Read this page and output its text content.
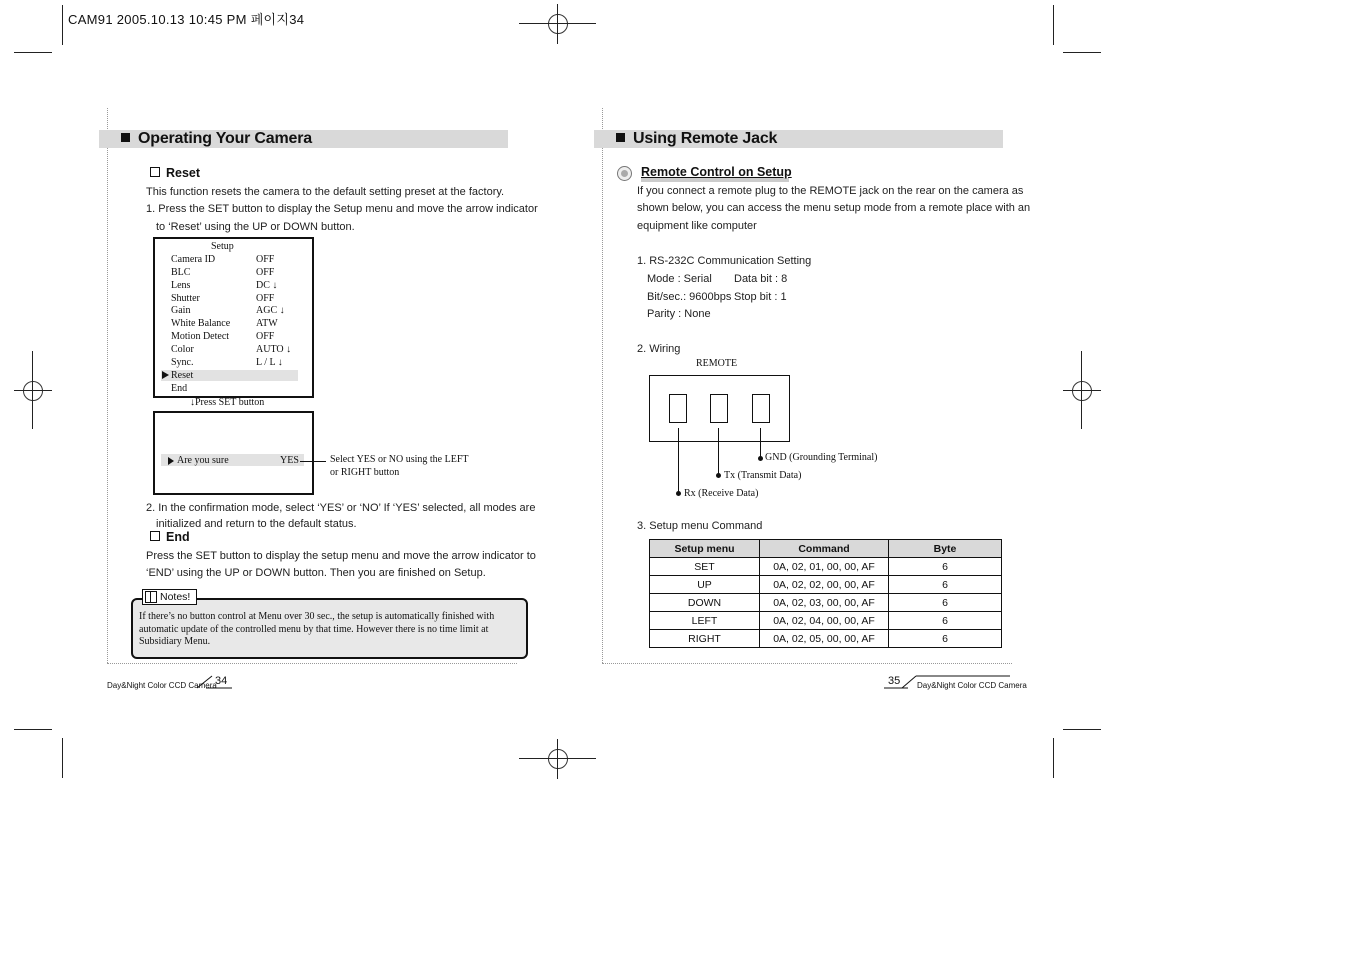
CAM91 2005.10.13 10:45 PM 페이지34
Operating Your Camera
Reset
This function resets the camera to the default setting preset at the factory.
1. Press the SET button to display the Setup menu and move the arrow indicator
to ‘Reset’ using the UP or DOWN button.
Setup
Camera ID	OFF
BLC	OFF
Lens	DC ↓
Shutter	OFF
Gain	AGC ↓
White Balance	ATW
Motion Detect	OFF
Color	AUTO ↓
Sync.	L / L ↓
Reset
End
↓Press SET button
Are you sure	YES	Select YES or NO using the LEFT
or RIGHT button
2. In the confirmation mode, select ‘YES’ or ‘NO’ If ‘YES’ selected, all modes are
initialized and return to the default status.
End
Press the SET button to display the setup menu and move the arrow indicator to
‘END’ using the UP or DOWN button. Then you are finished on Setup.
If there’s no button control at Menu over 30 sec., the setup is automatically finished with
automatic update of the controlled menu by that time. However there is no time limit at
Subsidiary Menu.
Notes!
Day&Night Color CCD Camera
34
Using Remote Jack
Remote Control on Setup
If you connect a remote plug to the REMOTE jack on the rear on the camera as
shown below, you can access the menu setup mode from a remote place with an
equipment like computer
1. RS-232C Communication Setting
Mode : Serial Data bit : 8
Bit/sec.: 9600bps Stop bit : 1
Parity : None
2. Wiring
REMOTE
GND (Grounding Terminal)
Tx (Transmit Data)
Rx (Receive Data)
3. Setup menu Command
Setup menu	Command	Byte
SET	0A, 02, 01, 00, 00, AF	6
UP	0A, 02, 02, 00, 00, AF	6
DOWN	0A, 02, 03, 00, 00, AF	6
LEFT	0A, 02, 04, 00, 00, AF	6
RIGHT	0A, 02, 05, 00, 00, AF	6
35 Day&Night Color CCD Camera
